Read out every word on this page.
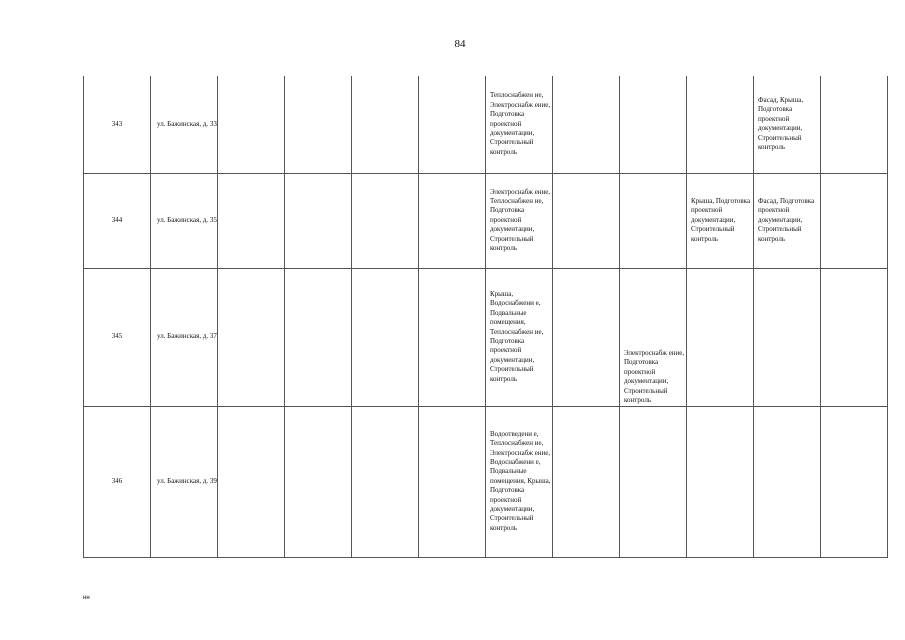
84
343	ул. Бажинская, д. 33					Теплоснабжен ие, Электроснабж ение, Подготовка проектной документации, Строительный контроль				Фасад, Крыша, Подготовка проектной документации, Строительный контроль	

344	ул. Бажинская, д. 35					Электроснабж ение, Теплоснабжен ие, Подготовка проектной документации, Строительный контроль			Крыша, Подготовка проектной документации, Строительный контроль	Фасад, Подготовка проектной документации, Строительный контроль	

345	ул. Бажинская, д. 37					Крыша, Водоснабжени е, Подвальные помещения, Теплоснабжен ие, Подготовка проектной документации, Строительный контроль		Электроснабж ение, Подготовка проектной документации, Строительный контроль			

346	ул. Бажинская, д. 39					Водоотведени е, Теплоснабжен ие, Электроснабж ение, Водоснабжени е, Подвальные помещения, Крыша, Подготовка проектной документации, Строительный контроль					

нн
